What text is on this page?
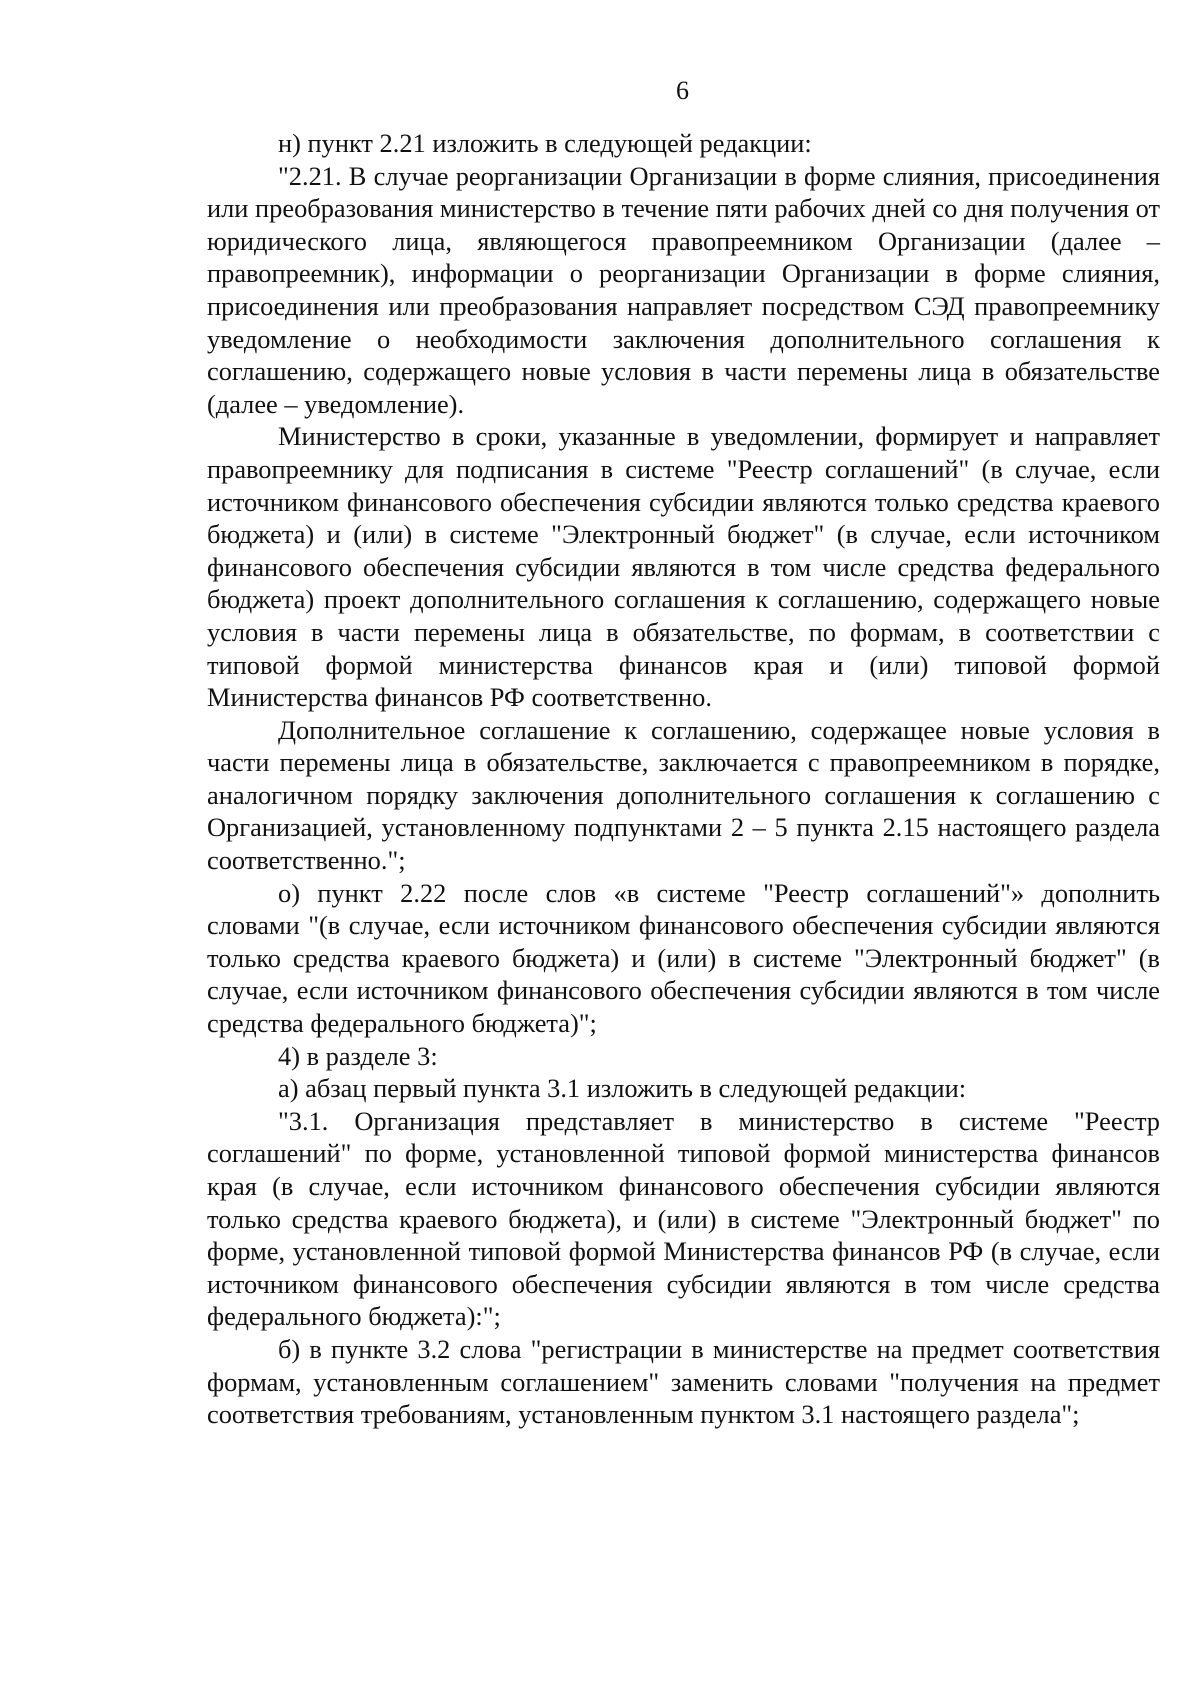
6

н) пункт 2.21 изложить в следующей редакции:

"2.21. В случае реорганизации Организации в форме слияния, присоединения или преобразования министерство в течение пяти рабочих дней со дня получения от юридического лица, являющегося правопреемником Организации (далее – правопреемник), информации о реорганизации Организации в форме слияния, присоединения или преобразования направляет посредством СЭД правопреемнику уведомление о необходимости заключения дополнительного соглашения к соглашению, содержащего новые условия в части перемены лица в обязательстве (далее – уведомление).

Министерство в сроки, указанные в уведомлении, формирует и направляет правопреемнику для подписания в системе "Реестр соглашений" (в случае, если источником финансового обеспечения субсидии являются только средства краевого бюджета) и (или) в системе "Электронный бюджет" (в случае, если источником финансового обеспечения субсидии являются в том числе средства федерального бюджета) проект дополнительного соглашения к соглашению, содержащего новые условия в части перемены лица в обязательстве, по формам, в соответствии с типовой формой министерства финансов края и (или) типовой формой Министерства финансов РФ соответственно.

Дополнительное соглашение к соглашению, содержащее новые условия в части перемены лица в обязательстве, заключается с правопреемником в порядке, аналогичном порядку заключения дополнительного соглашения к соглашению с Организацией, установленному подпунктами 2 – 5 пункта 2.15 настоящего раздела соответственно.";

о) пункт 2.22 после слов «в системе "Реестр соглашений"» дополнить словами "(в случае, если источником финансового обеспечения субсидии являются только средства краевого бюджета) и (или) в системе "Электронный бюджет" (в случае, если источником финансового обеспечения субсидии являются в том числе средства федерального бюджета)";

4) в разделе 3:

а) абзац первый пункта 3.1 изложить в следующей редакции:

"3.1. Организация представляет в министерство в системе "Реестр соглашений" по форме, установленной типовой формой министерства финансов края (в случае, если источником финансового обеспечения субсидии являются только средства краевого бюджета), и (или) в системе "Электронный бюджет" по форме, установленной типовой формой Министерства финансов РФ (в случае, если источником финансового обеспечения субсидии являются в том числе средства федерального бюджета):";

б) в пункте 3.2 слова "регистрации в министерстве на предмет соответствия формам, установленным соглашением" заменить словами "получения на предмет соответствия требованиям, установленным пунктом 3.1 настоящего раздела";
